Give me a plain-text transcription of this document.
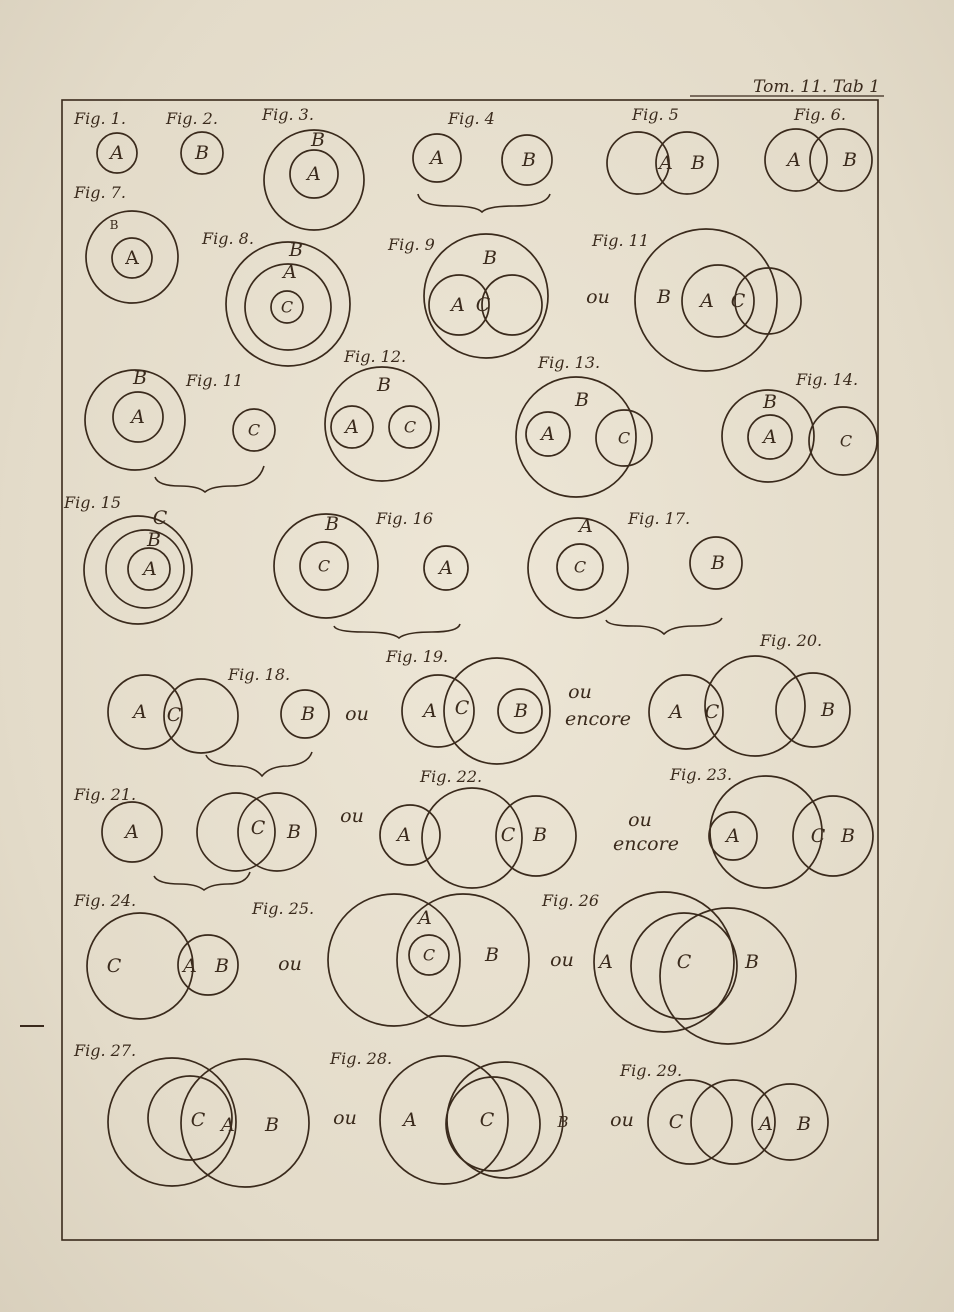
Tom. 11. Tab 1
Fig. 1.
A
Fig. 2.
B
Fig. 3.
B
A
Fig. 4
A	B
Fig. 5
A B
Fig. 6.
A B
Fig. 7.
B
A
Fig. 8.
B
A
C
Fig. 9
B
A C	ou
Fig. 11
B A C
Fig. 11
B
A
C
Fig. 12.
B
A	C
Fig. 13.
B
A	C
Fig. 14.
B
A	C
Fig. 15
C
B
A
Fig. 16
B
C	A
Fig. 17.
A
C	B
Fig. 18.
A C	B ou
Fig. 19.
A C B
ou
encore
Fig. 20.
A C	B
Fig. 21.
A	C B
ou
Fig. 22.
A	C B
ou
encore
Fig. 23.
A	C B
Fig. 24.
C	A B	ou
Fig. 25.	A
C	B	ou
Fig. 26
A	C	B
Fig. 27.
C A B	ou
Fig. 28.
A	C	B ou
Fig. 29.
C	A B
